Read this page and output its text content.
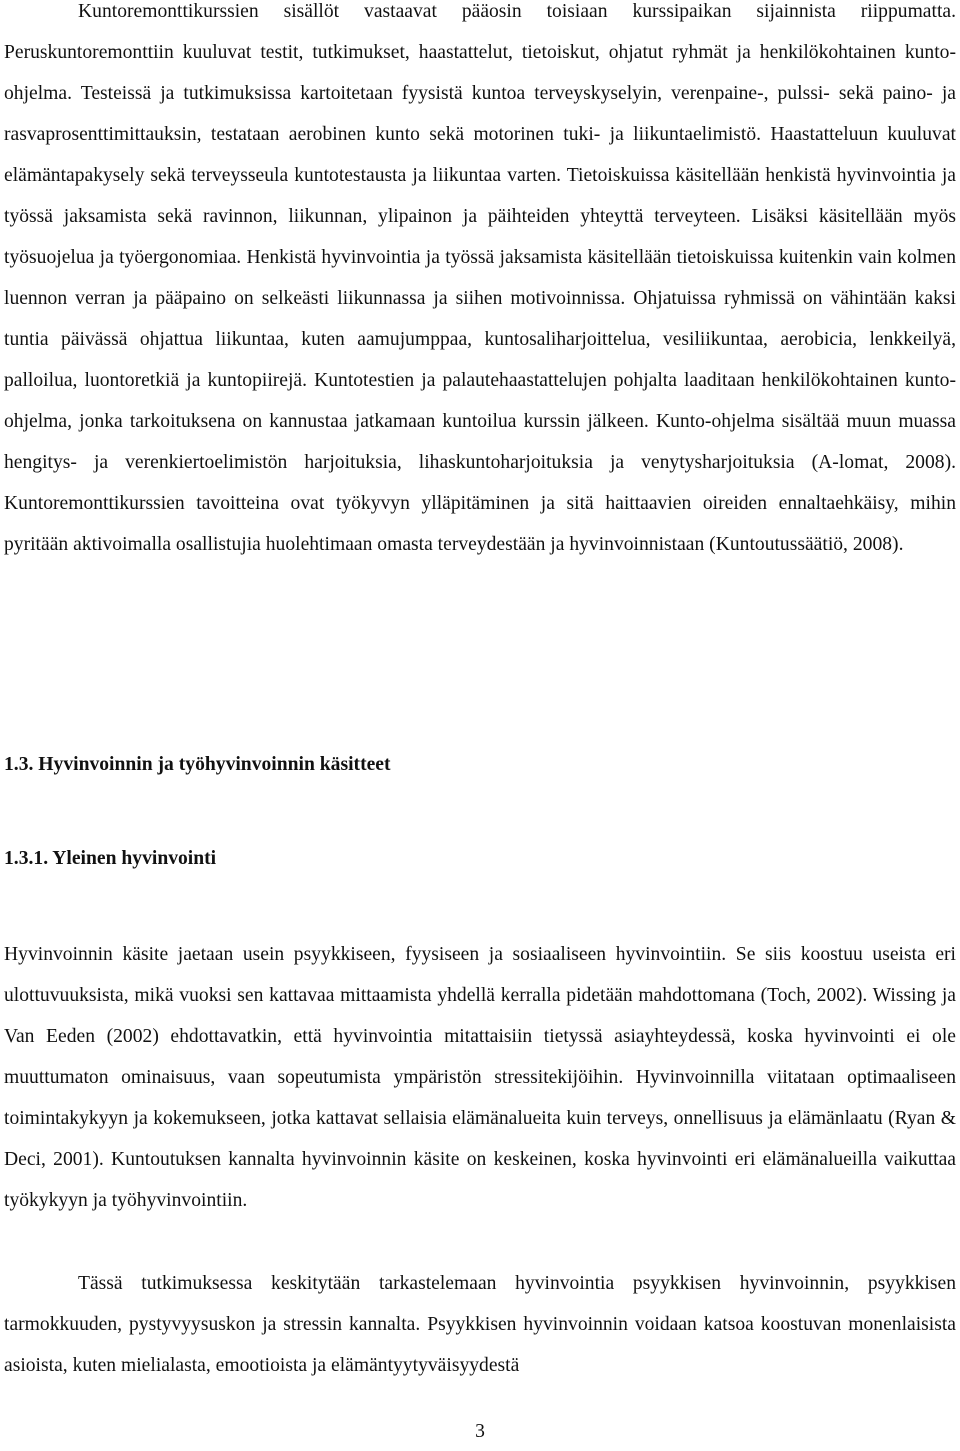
Kuntoremonttikurssien sisällöt vastaavat pääosin toisiaan kurssipaikan sijainnista riippumatta. Peruskuntoremonttiin kuuluvat testit, tutkimukset, haastattelut, tietoiskut, ohjatut ryhmät ja henkilökohtainen kunto-ohjelma. Testeissä ja tutkimuksissa kartoitetaan fyysistä kuntoa terveyskyselyin, verenpaine-, pulssi- sekä paino- ja rasvaprosenttimittauksin, testataan aerobinen kunto sekä motorinen tuki- ja liikuntaelimistö. Haastatteluun kuuluvat elämäntapakysely sekä terveysseula kuntotestausta ja liikuntaa varten. Tietoiskuissa käsitellään henkistä hyvinvointia ja työssä jaksamista sekä ravinnon, liikunnan, ylipainon ja päihteiden yhteyttä terveyteen. Lisäksi käsitellään myös työsuojelua ja työergonomiaa. Henkistä hyvinvointia ja työssä jaksamista käsitellään tietoiskuissa kuitenkin vain kolmen luennon verran ja pääpaino on selkeästi liikunnassa ja siihen motivoinnissa. Ohjatuissa ryhmissä on vähintään kaksi tuntia päivässä ohjattua liikuntaa, kuten aamujumppaa, kuntosaliharjoittelua, vesiliikuntaa, aerobicia, lenkkeilyä, palloilua, luontoretkiä ja kuntopiirejä. Kuntotestien ja palautehaastattelujen pohjalta laaditaan henkilökohtainen kunto-ohjelma, jonka tarkoituksena on kannustaa jatkamaan kuntoilua kurssin jälkeen. Kunto-ohjelma sisältää muun muassa hengitys- ja verenkiertoelimistön harjoituksia, lihaskuntoharjoituksia ja venytysharjoituksia (A-lomat, 2008). Kuntoremonttikurssien tavoitteina ovat työkyvyn ylläpitäminen ja sitä haittaavien oireiden ennaltaehkäisy, mihin pyritään aktivoimalla osallistujia huolehtimaan omasta terveydestään ja hyvinvoinnistaan (Kuntoutussäätiö, 2008).

1.3. Hyvinvoinnin ja työhyvinvoinnin käsitteet
1.3.1. Yleinen hyvinvointi

Hyvinvoinnin käsite jaetaan usein psyykkiseen, fyysiseen ja sosiaaliseen hyvinvointiin. Se siis koostuu useista eri ulottuvuuksista, mikä vuoksi sen kattavaa mittaamista yhdellä kerralla pidetään mahdottomana (Toch, 2002). Wissing ja Van Eeden (2002) ehdottavatkin, että hyvinvointia mitattaisiin tietyssä asiayhteydessä, koska hyvinvointi ei ole muuttumaton ominaisuus, vaan sopeutumista ympäristön stressitekijöihin. Hyvinvoinnilla viitataan optimaaliseen toimintakykyyn ja kokemukseen, jotka kattavat sellaisia elämänalueita kuin terveys, onnellisuus ja elämänlaatu (Ryan & Deci, 2001). Kuntoutuksen kannalta hyvinvoinnin käsite on keskeinen, koska hyvinvointi eri elämänalueilla vaikuttaa työkykyyn ja työhyvinvointiin.

Tässä tutkimuksessa keskitytään tarkastelemaan hyvinvointia psyykkisen hyvinvoinnin, psyykkisen tarmokkuuden, pystyvyysuskon ja stressin kannalta. Psyykkisen hyvinvoinnin voidaan katsoa koostuvan monenlaisista asioista, kuten mielialasta, emootioista ja elämäntyytyväisyydestä

3
